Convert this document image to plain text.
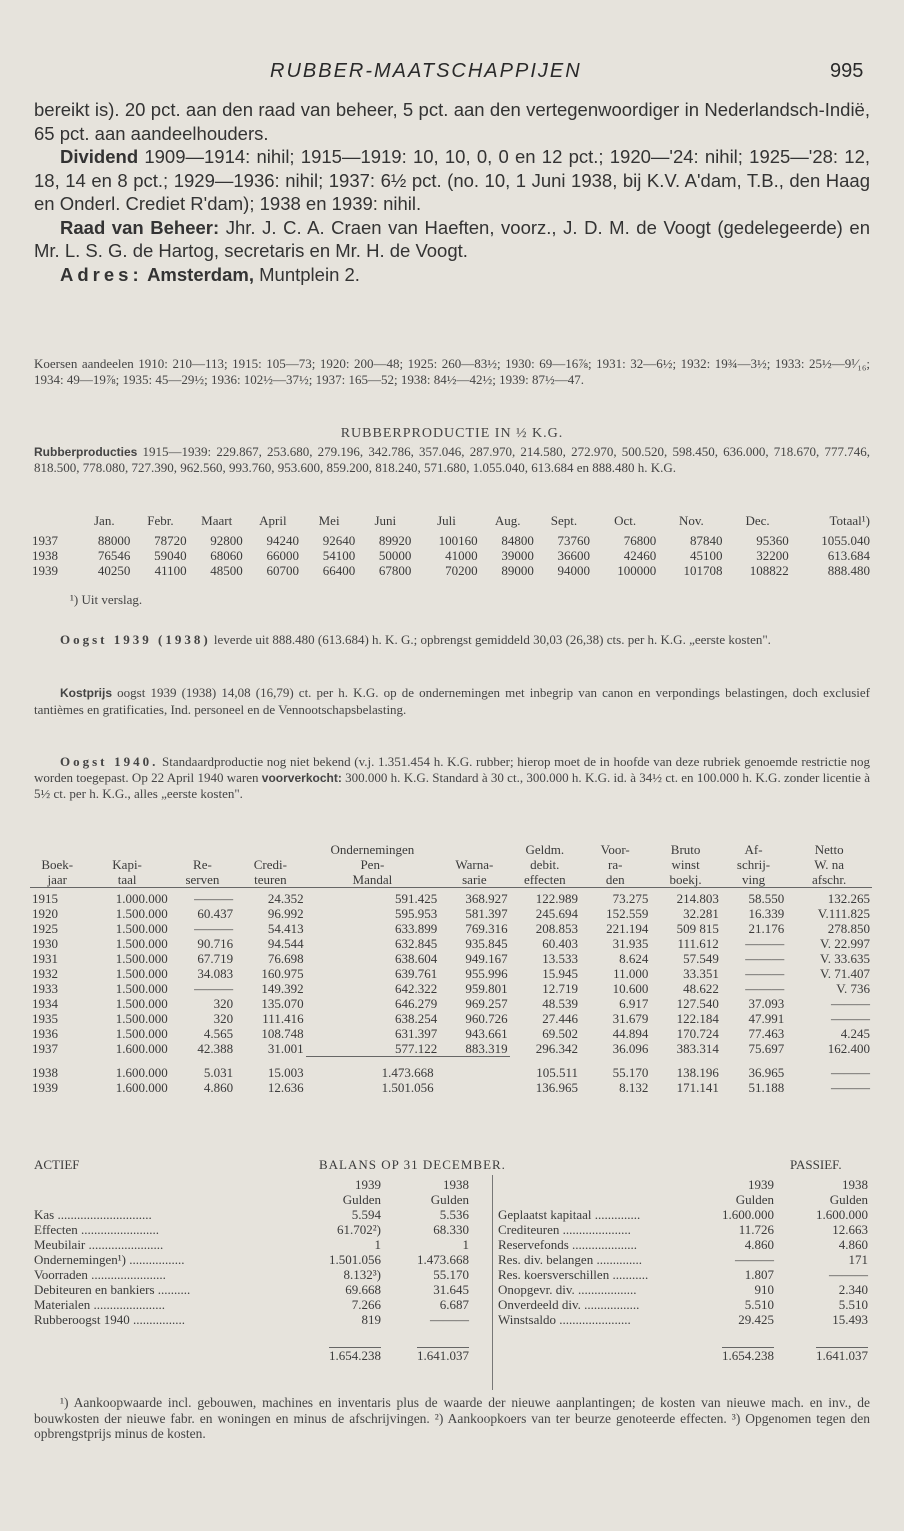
RUBBER-MAATSCHAPPIJEN	995

bereikt is). 20 pct. aan den raad van beheer, 5 pct. aan den vertegenwoordiger in Nederlandsch-Indië, 65 pct. aan aandeelhouders.

Dividend 1909—1914: nihil; 1915—1919: 10, 10, 0, 0 en 12 pct.; 1920—'24: nihil; 1925—'28: 12, 18, 14 en 8 pct.; 1929—1936: nihil; 1937: 6½ pct. (no. 10, 1 Juni 1938, bij K.V. A'dam, T.B., den Haag en Onderl. Crediet R'dam); 1938 en 1939: nihil.

Raad van Beheer: Jhr. J. C. A. Craen van Haeften, voorz., J. D. M. de Voogt (gedelegeerde) en Mr. L. S. G. de Hartog, secretaris en Mr. H. de Voogt.

Adres: Amsterdam, Muntplein 2.

Koersen aandeelen 1910: 210—113; 1915: 105—73; 1920: 200—48; 1925: 260—83½; 1930: 69—16⅞; 1931: 32—6½; 1932: 19¾—3½; 1933: 25½—9¹⁄₁₆; 1934: 49—19⅞; 1935: 45—29½; 1936: 102½—37½; 1937: 165—52; 1938: 84½—42½; 1939: 87½—47.

RUBBERPRODUCTIE IN ½ K.G.

Rubberproducties 1915—1939: 229.867, 253.680, 279.196, 342.786, 357.046, 287.970, 214.580, 272.970, 500.520, 598.450, 636.000, 718.670, 777.746, 818.500, 778.080, 727.390, 962.560, 993.760, 953.600, 859.200, 818.240, 571.680, 1.055.040, 613.684 en 888.480 h. K.G.

	Jan.	Febr.	Maart	April	Mei	Juni	Juli	Aug.	Sept.	Oct.	Nov.	Dec.	Totaal¹)

1937	88000	78720	92800	94240	92640	89920	100160	84800	73760	76800	87840	95360	1055.040
1938	76546	59040	68060	66000	54100	50000	41000	39000	36600	42460	45100	32200	613.684
1939	40250	41100	48500	60700	66400	67800	70200	89000	94000	100000	101708	108822	888.480
¹) Uit verslag.

Oogst 1939 (1938) leverde uit 888.480 (613.684) h. K. G.; opbrengst gemiddeld 30,03 (26,38) cts. per h. K.G. „eerste kosten".

Kostprijs oogst 1939 (1938) 14,08 (16,79) ct. per h. K.G. op de ondernemingen met inbegrip van canon en verpondings belastingen, doch exclusief tantièmes en gratificaties, Ind. personeel en de Vennootschapsbelasting.

Oogst 1940. Standaardproductie nog niet bekend (v.j. 1.351.454 h. K.G. rubber; hierop moet de in hoofde van deze rubriek genoemde restrictie nog worden toegepast. Op 22 April 1940 waren voorverkocht: 300.000 h. K.G. Standard à 30 ct., 300.000 h. K.G. id. à 34½ ct. en 100.000 h. K.G. zonder licentie à 5½ ct. per h. K.G., alles „eerste kosten".

				Ondernemingen		Geldm.	Voor-	Bruto	Af-	Netto
Boek-	Kapi-	Re-	Credi-	Pen-	Warna-	debit.	ra-	winst	schrij-	W. na
jaar	taal	serven	teuren	Mandal	sarie	effecten	den	boekj.	ving	afschr.

1915	1.000.000	———	24.352	591.425	368.927	122.989	73.275	214.803	58.550	132.265
1920	1.500.000	60.437	96.992	595.953	581.397	245.694	152.559	32.281	16.339	V.111.825
1925	1.500.000	———	54.413	633.899	769.316	208.853	221.194	509 815	21.176	278.850
1930	1.500.000	90.716	94.544	632.845	935.845	60.403	31.935	111.612	———	V. 22.997
1931	1.500.000	67.719	76.698	638.604	949.167	13.533	8.624	57.549	———	V. 33.635
1932	1.500.000	34.083	160.975	639.761	955.996	15.945	11.000	33.351	———	V. 71.407
1933	1.500.000	———	149.392	642.322	959.801	12.719	10.600	48.622	———	V. 736
1934	1.500.000	320	135.070	646.279	969.257	48.539	6.917	127.540	37.093	———
1935	1.500.000	320	111.416	638.254	960.726	27.446	31.679	122.184	47.991	———
1936	1.500.000	4.565	108.748	631.397	943.661	69.502	44.894	170.724	77.463	4.245
1937	1.600.000	42.388	31.001	577.122	883.319	296.342	36.096	383.314	75.697	162.400

1938	1.600.000	5.031	15.003	1.473.668		105.511	55.170	138.196	36.965	———
1939	1.600.000	4.860	12.636	1.501.056		136.965	8.132	171.141	51.188	———
ACTIEF	BALANS OP 31 DECEMBER.	PASSIEF.
1939	1938
Gulden	Gulden
Kas .............................	5.594	5.536
Effecten ........................	61.702²)	68.330
Meubilair .......................	1	1
Ondernemingen¹) .................	1.501.056	1.473.668
Voorraden .......................	8.132³)	55.170
Debiteuren en bankiers ..........	69.668	31.645
Materialen ......................	7.266	6.687
Rubberoogst 1940 ................	819	———
1.654.238	1.641.037
1939	1938
Gulden	Gulden
Geplaatst kapitaal ..............	1.600.000	1.600.000
Crediteuren .....................	11.726	12.663
Reservefonds ....................	4.860	4.860
Res. div. belangen ..............	———	171
Res. koersverschillen ...........	1.807	———
Onopgevr. div. ..................	910	2.340
Onverdeeld div. .................	5.510	5.510
Winstsaldo ......................	29.425	15.493
1.654.238	1.641.037

¹) Aankoopwaarde incl. gebouwen, machines en inventaris plus de waarde der nieuwe aanplantingen; de kosten van nieuwe mach. en inv., de bouwkosten der nieuwe fabr. en woningen en minus de afschrijvingen. ²) Aankoopkoers van ter beurze genoteerde effecten. ³) Opgenomen tegen den opbrengstprijs minus de kosten.
